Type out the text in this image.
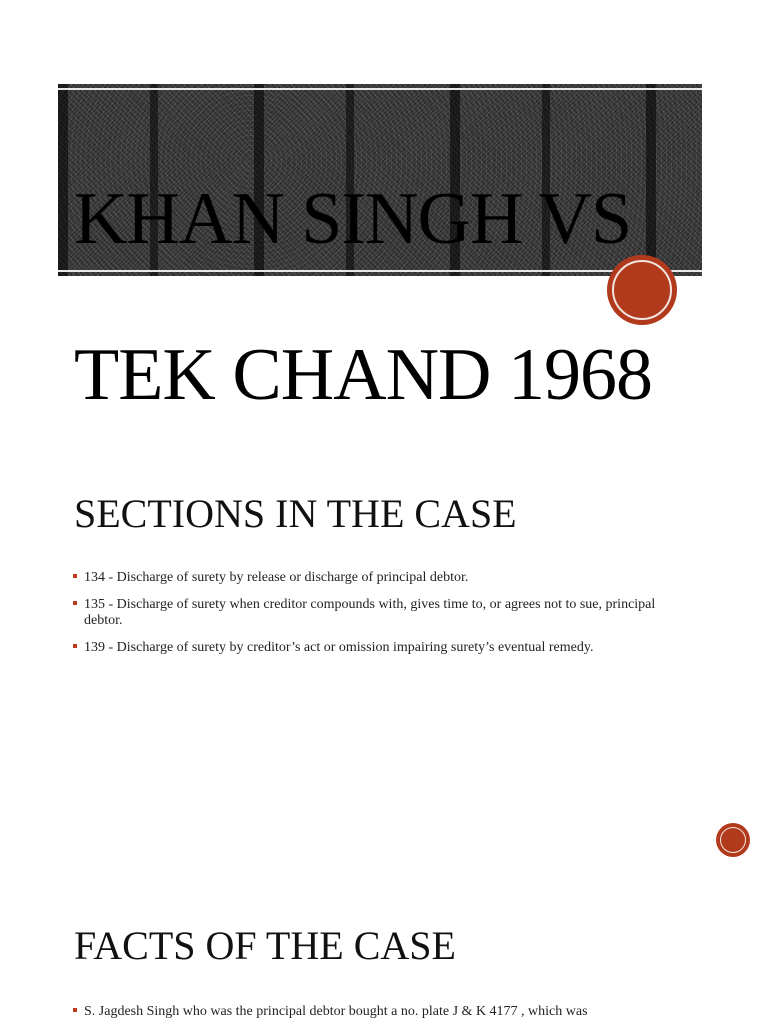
KHAN SINGH VS

TEK CHAND 1968

SECTIONS IN THE CASE
134 - Discharge of surety by release or discharge of principal debtor.
135 - Discharge of surety when creditor compounds with, gives time to, or agrees not to sue, principal debtor.
139 - Discharge of surety by creditor’s act or omission impairing surety’s eventual remedy.
FACTS OF THE CASE
S. Jagdesh Singh who was the principal debtor bought a no. plate J & K 4177 , which was
